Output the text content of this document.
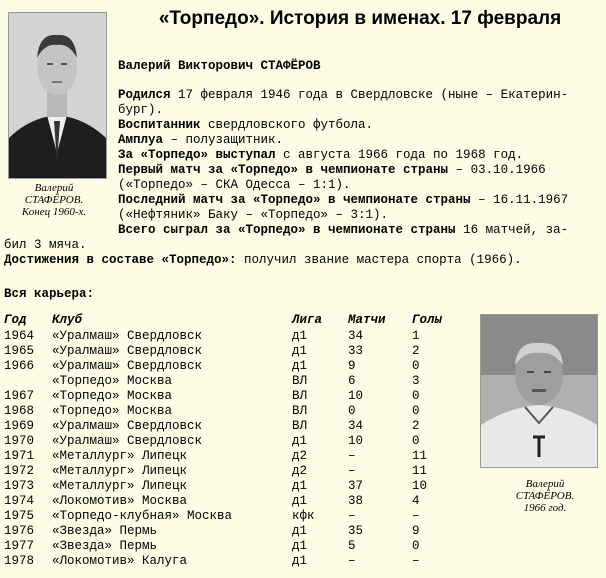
«Торпедо». История в именах. 17 февраля
Валерий
СТАФЁРОВ.
Конец 1960-х.
Валерий Викторович СТАФЁРОВ
Родился 17 февраля 1946 года в Свердловске (ныне – Екатерин-
бург).
Воспитанник свердловского футбола.
Амплуа – полузащитник.
За «Торпедо» выступал с августа 1966 года по 1968 год.
Первый матч за «Торпедо» в чемпионате страны – 03.10.1966
(«Торпедо» – СКА Одесса – 1:1).
Последний матч за «Торпедо» в чемпионате страны – 16.11.1967
(«Нефтяник» Баку – «Торпедо» – 3:1).
Всего сыграл за «Торпедо» в чемпионате страны 16 матчей, за-
бил 3 мяча.
Достижения в составе «Торпедо»: получил звание мастера спорта (1966).
Вся карьера:
Год	Клуб	Лига	Матчи	Голы
1964	«Уралмаш» Свердловск	д1	34	1
1965	«Уралмаш» Свердловск	д1	33	2
1966	«Уралмаш» Свердловск	д1	9	0
	«Торпедо» Москва	ВЛ	6	3
1967	«Торпедо» Москва	ВЛ	10	0
1968	«Торпедо» Москва	ВЛ	0	0
1969	«Уралмаш» Свердловск	ВЛ	34	2
1970	«Уралмаш» Свердловск	д1	10	0
1971	«Металлург» Липецк	д2	–	11
1972	«Металлург» Липецк	д2	–	11
1973	«Металлург» Липецк	д1	37	10
1974	«Локомотив» Москва	д1	38	4
1975	«Торпедо-клубная» Москва	кфк	–	–
1976	«Звезда» Пермь	д1	35	9
1977	«Звезда» Пермь	д1	5	0
1978	«Локомотив» Калуга	д1	–	–
Валерий
СТАФЁРОВ.
1966 год.
